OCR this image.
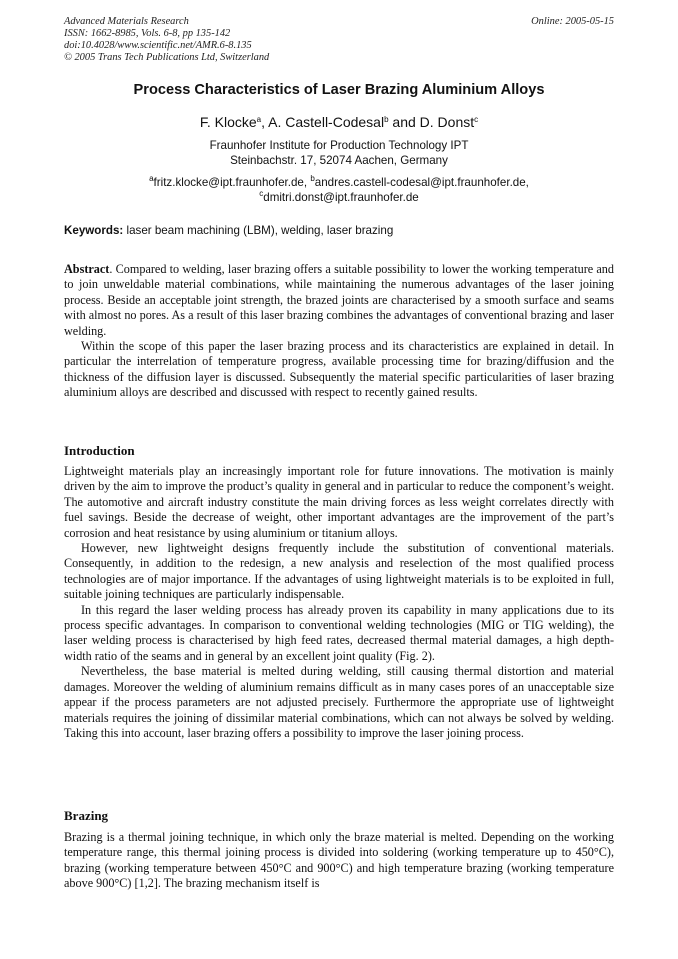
Advanced Materials Research
ISSN: 1662-8985, Vols. 6-8, pp 135-142
doi:10.4028/www.scientific.net/AMR.6-8.135
© 2005 Trans Tech Publications Ltd, Switzerland
Online: 2005-05-15
Process Characteristics of Laser Brazing Aluminium Alloys
F. Klocke$^a$, A. Castell-Codesal$^b$ and D. Donst$^c$
Fraunhofer Institute for Production Technology IPT
Steinbachstr. 17, 52074 Aachen, Germany
$^a$fritz.klocke@ipt.fraunhofer.de, $^b$andres.castell-codesal@ipt.fraunhofer.de,
$^c$dmitri.donst@ipt.fraunhofer.de
Keywords: laser beam machining (LBM), welding, laser brazing

Abstract. Compared to welding, laser brazing offers a suitable possibility to lower the working temperature and to join unweldable material combinations, while maintaining the numerous advantages of the laser joining process. Beside an acceptable joint strength, the brazed joints are characterised by a smooth surface and seams with almost no pores. As a result of this laser brazing combines the advantages of conventional brazing and laser welding.

Within the scope of this paper the laser brazing process and its characteristics are explained in detail. In particular the interrelation of temperature progress, available processing time for brazing/diffusion and the thickness of the diffusion layer is discussed. Subsequently the material specific particularities of laser brazing aluminium alloys are described and discussed with respect to recently gained results.

Introduction

Lightweight materials play an increasingly important role for future innovations. The motivation is mainly driven by the aim to improve the product’s quality in general and in particular to reduce the component’s weight. The automotive and aircraft industry constitute the main driving forces as less weight correlates directly with fuel savings. Beside the decrease of weight, other important advantages are the improvement of the part’s corrosion and heat resistance by using aluminium or titanium alloys.

However, new lightweight designs frequently include the substitution of conventional materials. Consequently, in addition to the redesign, a new analysis and reselection of the most qualified process technologies are of major importance. If the advantages of using lightweight materials is to be exploited in full, suitable joining techniques are particularly indispensable.

In this regard the laser welding process has already proven its capability in many applications due to its process specific advantages. In comparison to conventional welding technologies (MIG or TIG welding), the laser welding process is characterised by high feed rates, decreased thermal material damages, a high depth-width ratio of the seams and in general by an excellent joint quality (Fig. 2).

Nevertheless, the base material is melted during welding, still causing thermal distortion and material damages. Moreover the welding of aluminium remains difficult as in many cases pores of an unacceptable size appear if the process parameters are not adjusted precisely. Furthermore the appropriate use of lightweight materials requires the joining of dissimilar material combinations, which can not always be solved by welding. Taking this into account, laser brazing offers a possibility to improve the laser joining process.

Brazing

Brazing is a thermal joining technique, in which only the braze material is melted. Depending on the working temperature range, this thermal joining process is divided into soldering (working temperature up to 450°C), brazing (working temperature between 450°C and 900°C) and high temperature brazing (working temperature above 900°C) [1,2]. The brazing mechanism itself is
